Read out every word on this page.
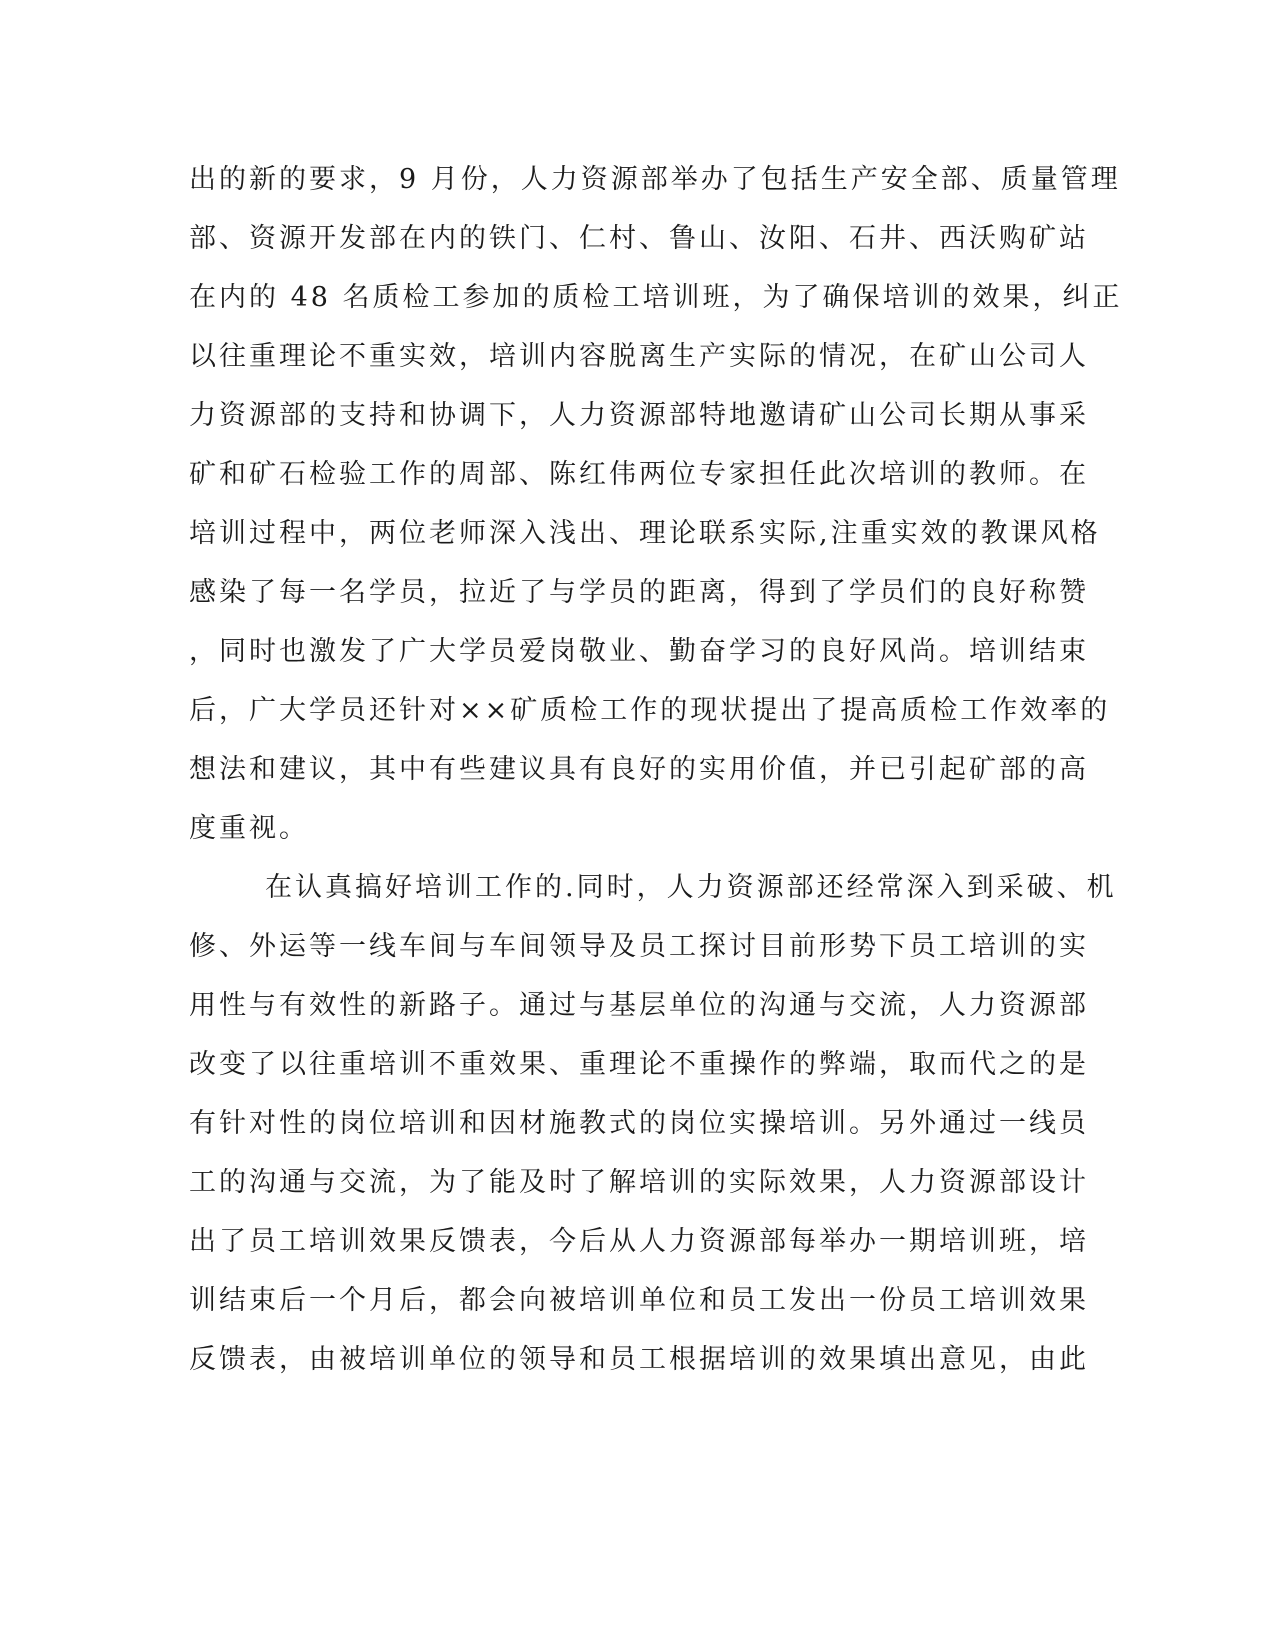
出的新的要求，9 月份，人力资源部举办了包括生产安全部、质量管理
部、资源开发部在内的铁门、仁村、鲁山、汝阳、石井、西沃购矿站
在内的 48 名质检工参加的质检工培训班，为了确保培训的效果，纠正
以往重理论不重实效，培训内容脱离生产实际的情况，在矿山公司人
力资源部的支持和协调下，人力资源部特地邀请矿山公司长期从事采
矿和矿石检验工作的周部、陈红伟两位专家担任此次培训的教师。在
培训过程中，两位老师深入浅出、理论联系实际,注重实效的教课风格
感染了每一名学员，拉近了与学员的距离，得到了学员们的良好称赞
，同时也激发了广大学员爱岗敬业、勤奋学习的良好风尚。培训结束
后，广大学员还针对××矿质检工作的现状提出了提高质检工作效率的
想法和建议，其中有些建议具有良好的实用价值，并已引起矿部的高
度重视。
在认真搞好培训工作的.同时，人力资源部还经常深入到采破、机
修、外运等一线车间与车间领导及员工探讨目前形势下员工培训的实
用性与有效性的新路子。通过与基层单位的沟通与交流，人力资源部
改变了以往重培训不重效果、重理论不重操作的弊端，取而代之的是
有针对性的岗位培训和因材施教式的岗位实操培训。另外通过一线员
工的沟通与交流，为了能及时了解培训的实际效果，人力资源部设计
出了员工培训效果反馈表，今后从人力资源部每举办一期培训班，培
训结束后一个月后，都会向被培训单位和员工发出一份员工培训效果
反馈表，由被培训单位的领导和员工根据培训的效果填出意见，由此
